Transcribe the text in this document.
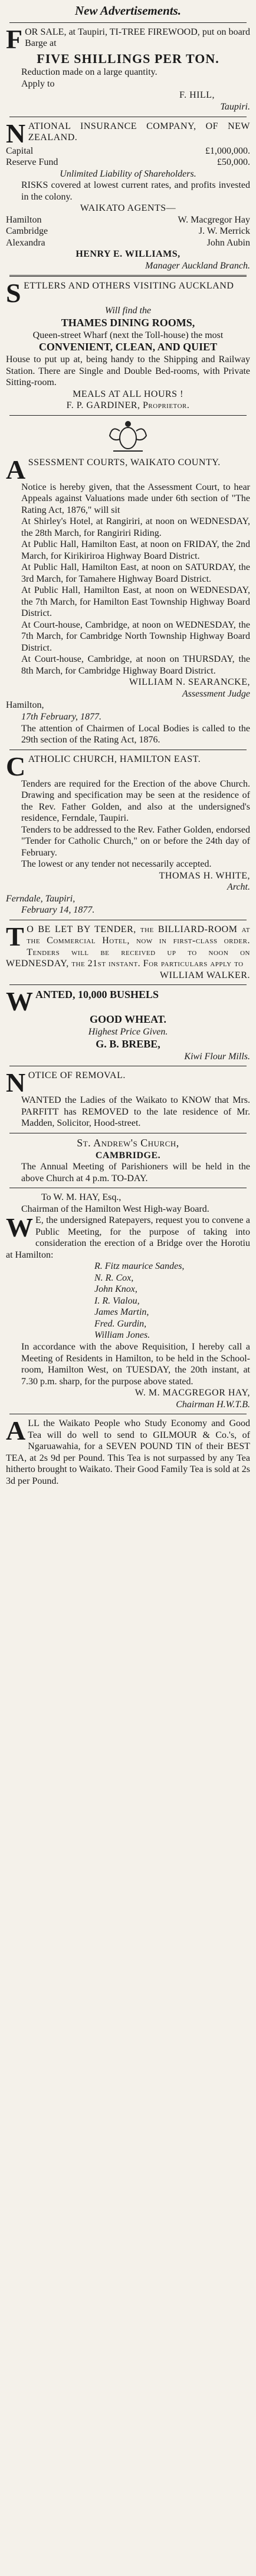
New Advertisements.

FOR SALE, at Taupiri, TI-TREE FIREWOOD, put on board Barge at

FIVE SHILLINGS PER TON.

Reduction made on a large quantity.

Apply to

F. HILL,

Taupiri.

NATIONAL INSURANCE COMPANY, OF NEW ZEALAND.

Capital	£1,000,000.
Reserve Fund	£50,000.

Unlimited Liability of Shareholders.

RISKS covered at lowest current rates, and profits invested in the colony.

WAIKATO AGENTS—

Hamilton	W. Macgregor Hay
Cambridge	J. W. Merrick
Alexandra	John Aubin

HENRY E. WILLIAMS,

Manager Auckland Branch.

SETTLERS AND OTHERS VISITING AUCKLAND

Will find the

THAMES DINING ROOMS,

Queen-street Wharf (next the Toll-house) the most

CONVENIENT, CLEAN, AND QUIET

House to put up at, being handy to the Shipping and Railway Station. There are Single and Double Bed-rooms, with Private Sitting-room.

MEALS AT ALL HOURS !

F. P. GARDINER, Proprietor.

ASSESSMENT COURTS, WAIKATO COUNTY.

Notice is hereby given, that the Assessment Court, to hear Appeals against Valuations made under 6th section of "The Rating Act, 1876," will sit

At Shirley's Hotel, at Rangiriri, at noon on WEDNESDAY, the 28th March, for Rangiriri Riding.

At Public Hall, Hamilton East, at noon on FRIDAY, the 2nd March, for Kirikiriroa Highway Board District.

At Public Hall, Hamilton East, at noon on SATURDAY, the 3rd March, for Tamahere Highway Board District.

At Public Hall, Hamilton East, at noon on WEDNESDAY, the 7th March, for Hamilton East Township Highway Board District.

At Court-house, Cambridge, at noon on WEDNESDAY, the 7th March, for Cambridge North Township Highway Board District.

At Court-house, Cambridge, at noon on THURSDAY, the 8th March, for Cambridge Highway Board District.

WILLIAM N. SEARANCKE,

Assessment Judge

Hamilton,

17th February, 1877.

The attention of Chairmen of Local Bodies is called to the 29th section of the Rating Act, 1876.

CATHOLIC CHURCH, HAMILTON EAST.

Tenders are required for the Erection of the above Church. Drawing and specification may be seen at the residence of the Rev. Father Golden, and also at the undersigned's residence, Ferndale, Taupiri.

Tenders to be addressed to the Rev. Father Golden, endorsed "Tender for Catholic Church," on or before the 24th day of February.

The lowest or any tender not necessarily accepted.

THOMAS H. WHITE,

Archt.

Ferndale, Taupiri,

February 14, 1877.

T O BE LET BY TENDER, the BILLIARD-ROOM at the Commercial Hotel, now in first-class order. Tenders will be received up to noon on WEDNESDAY, the 21st instant. For particulars apply to

WILLIAM WALKER.

WANTED, 10,000 BUSHELS

GOOD WHEAT.

Highest Price Given.

G. B. BREBE,

Kiwi Flour Mills.

NOTICE OF REMOVAL.

WANTED the Ladies of the Waikato to KNOW that Mrs. PARFITT has REMOVED to the late residence of Mr. Madden, Solicitor, Hood-street.

St. Andrew's Church,

CAMBRIDGE.

The Annual Meeting of Parishioners will be held in the above Church at 4 p.m. TO-DAY.

To W. M. HAY, Esq.,

Chairman of the Hamilton West High-way Board.

W E, the undersigned Ratepayers, request you to convene a Public Meeting, for the purpose of taking into consideration the erection of a Bridge over the Horotiu at Hamilton:

R. Fitz maurice Sandes,

N. R. Cox,

John Knox,

I. R. Vialou,

James Martin,

Fred. Gurdin,

William Jones.

In accordance with the above Requisition, I hereby call a Meeting of Residents in Hamilton, to be held in the School-room, Hamilton West, on TUESDAY, the 20th instant, at 7.30 p.m. sharp, for the purpose above stated.

W. M. MACGREGOR HAY,

Chairman H.W.T.B.

ALL the Waikato People who Study Economy and Good Tea will do well to send to GILMOUR & Co.'s, of Ngaruawahia, for a SEVEN POUND TIN of their BEST TEA, at 2s 9d per Pound. This Tea is not surpassed by any Tea hitherto brought to Waikato. Their Good Family Tea is sold at 2s 3d per Pound.
